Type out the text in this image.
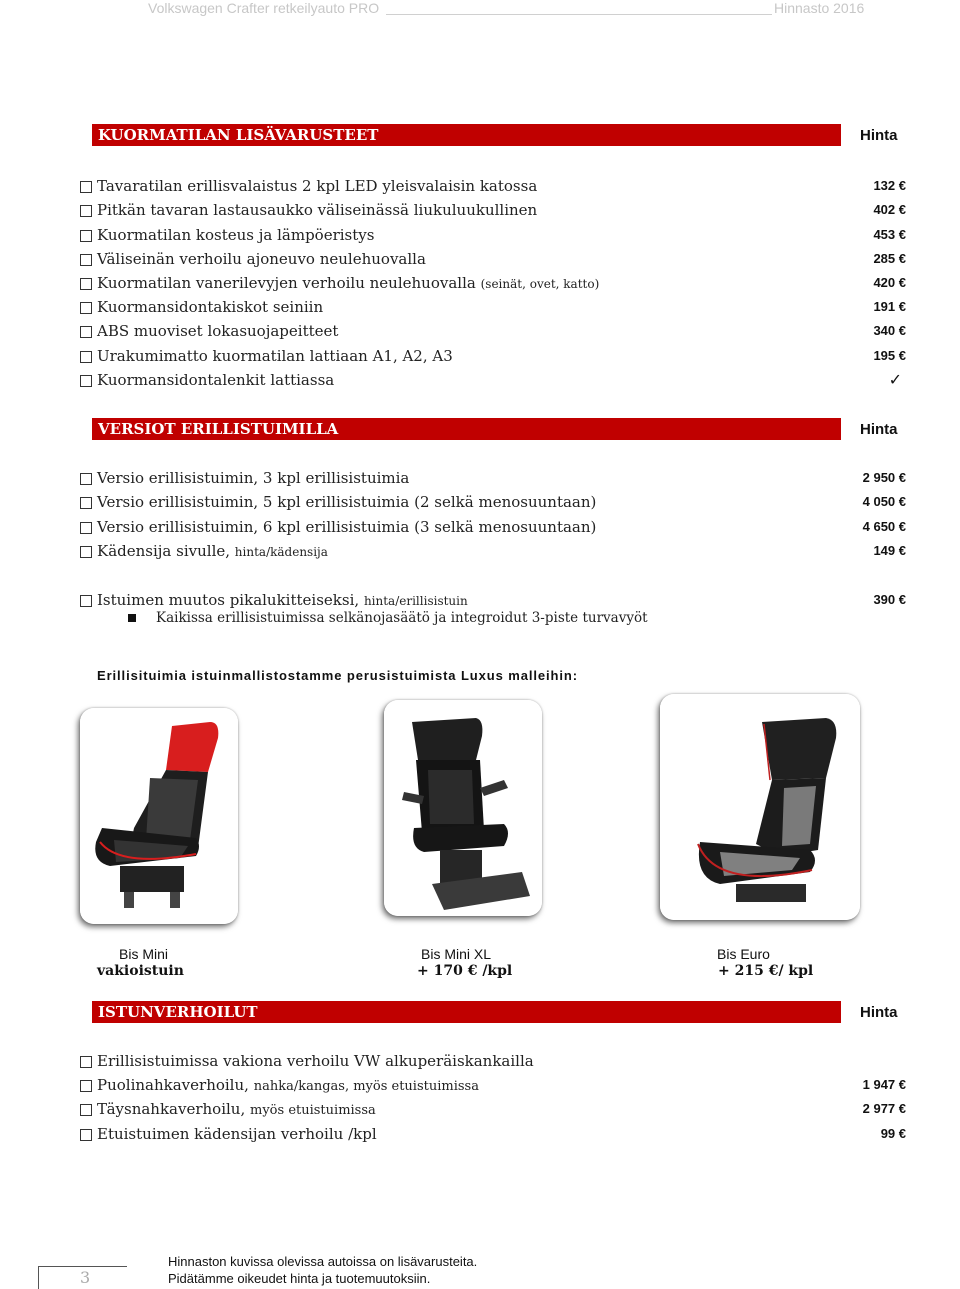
Volkswagen Crafter retkeilyauto PRO	Hinnasto 2016
KUORMATILAN LISÄVARUSTEET	Hinta
Tavaratilan erillisvalaistus 2 kpl LED yleisvalaisin katossa	132 €
Pitkän tavaran lastausaukko väliseinässä liukuluukullinen	402 €
Kuormatilan kosteus ja lämpöeristys	453 €
Väliseinän verhoilu ajoneuvo neulehuovalla	285 €
Kuormatilan vanerilevyjen verhoilu neulehuovalla (seinät, ovet, katto)	420 €
Kuormansidontakiskot seiniin	191 €
ABS muoviset lokasuojapeitteet	340 €
Urakumimatto kuormatilan lattiaan A1, A2, A3	195 €
Kuormansidontalenkit lattiassa	✓
VERSIOT ERILLISTUIMILLA	Hinta
Versio erillisistuimin, 3 kpl erillisistuimia	2 950 €
Versio erillisistuimin, 5 kpl erillisistuimia (2 selkä menosuuntaan)	4 050 €
Versio erillisistuimin, 6 kpl erillisistuimia (3 selkä menosuuntaan)	4 650 €
Kädensija sivulle, hinta/kädensija	149 €
Istuimen muutos pikalukitteiseksi, hinta/erillisistuin	390 €
Kaikissa erillisistuimissa selkänojasäätö ja integroidut 3-piste turvavyöt
Erillisituimia istuinmallistostamme perusistuimista Luxus malleihin:
Bis Mini	Bis Mini XL	Bis Euro
vakioistuin	+ 170 € /kpl	+ 215 €/ kpl
ISTUNVERHOILUT	Hinta
Erillisistuimissa vakiona verhoilu VW alkuperäiskankailla
Puolinahkaverhoilu, nahka/kangas, myös etuistuimissa	1 947 €
Täysnahkaverhoilu, myös etuistuimissa	2 977 €
Etuistuimen kädensijan verhoilu /kpl	99 €
3
Hinnaston kuvissa olevissa autoissa on lisävarusteita.
Pidätämme oikeudet hinta ja tuotemuutoksiin.
